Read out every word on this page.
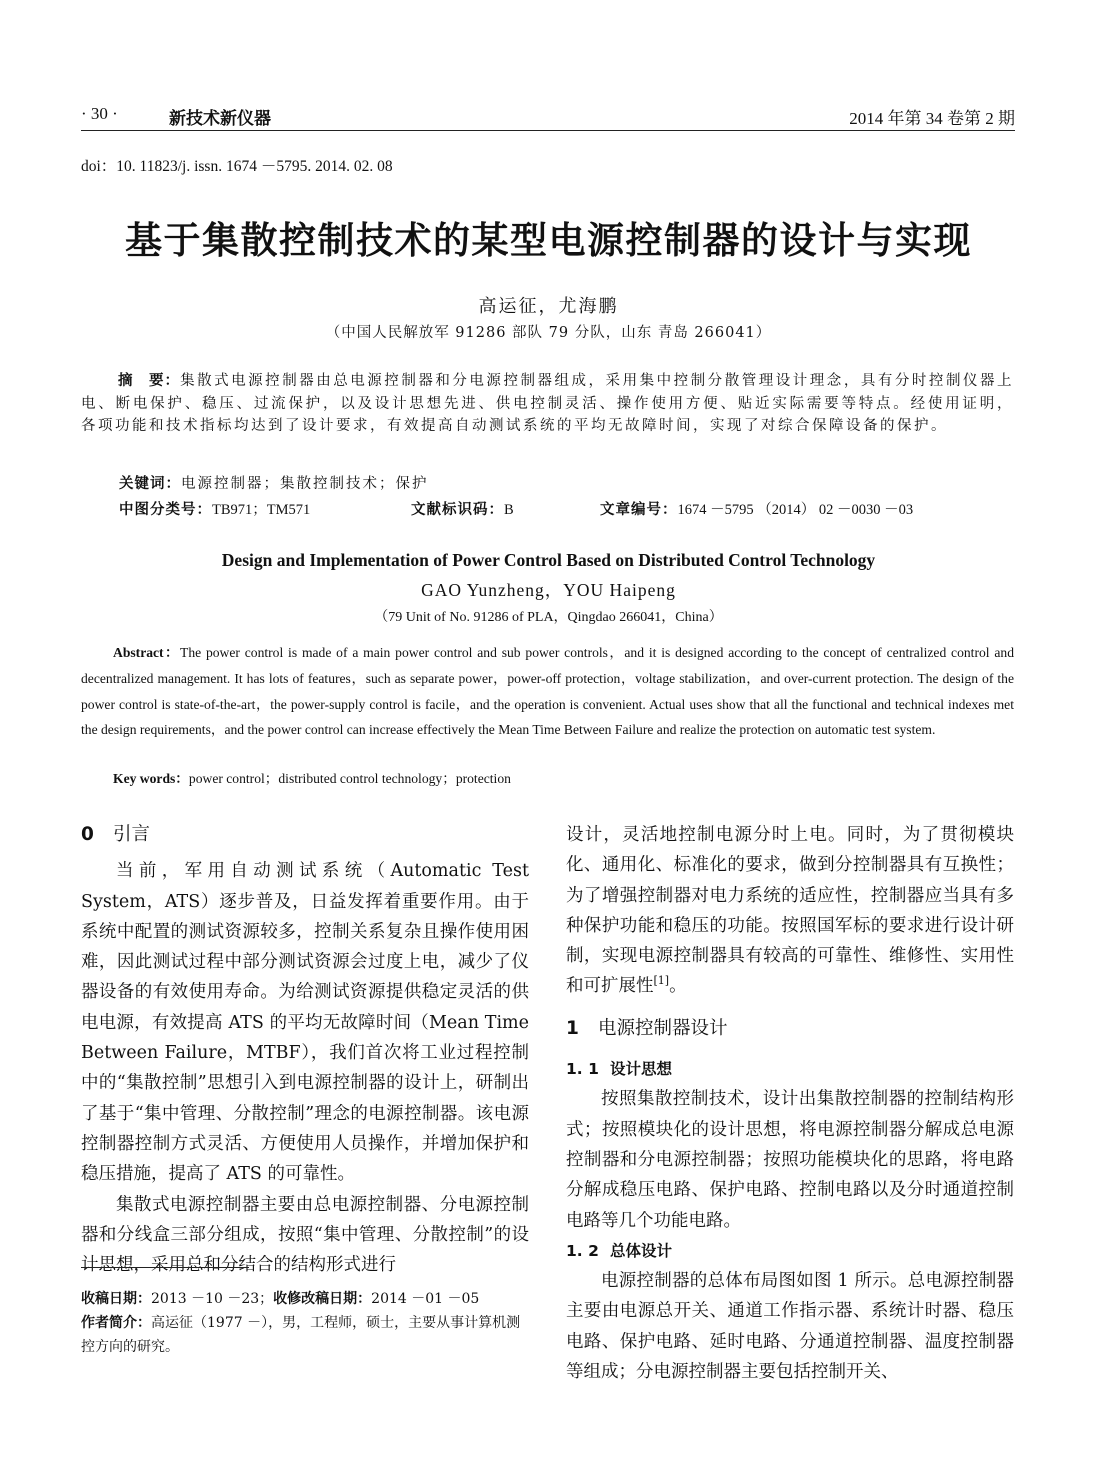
· 30 ·	新技术新仪器	2014 年第 34 卷第 2 期
doi：10. 11823/j. issn. 1674 －5795. 2014. 02. 08
基于集散控制技术的某型电源控制器的设计与实现
高运征，尤海鹏
（中国人民解放军 91286 部队 79 分队，山东 青岛 266041）
摘　要：集散式电源控制器由总电源控制器和分电源控制器组成，采用集中控制分散管理设计理念，具有分时控制仪器上电、断电保护、稳压、过流保护，以及设计思想先进、供电控制灵活、操作使用方便、贴近实际需要等特点。经使用证明，各项功能和技术指标均达到了设计要求，有效提高自动测试系统的平均无故障时间，实现了对综合保障设备的保护。
关键词：电源控制器；集散控制技术；保护
中图分类号：TB971；TM571	文献标识码：B	文章编号：1674 －5795 （2014） 02 －0030 －03
Design and Implementation of Power Control Based on Distributed Control Technology
GAO Yunzheng，YOU Haipeng
（79 Unit of No. 91286 of PLA，Qingdao 266041，China）
Abstract：The power control is made of a main power control and sub power controls，and it is designed according to the concept of centralized control and decentralized management. It has lots of features，such as separate power，power-off protection，voltage stabilization，and over-current protection. The design of the power control is state-of-the-art，the power-supply control is facile，and the operation is convenient. Actual uses show that all the functional and technical indexes met the design requirements，and the power control can increase effectively the Mean Time Between Failure and realize the protection on automatic test system.
Key words：power control；distributed control technology；protection
0 引言

当前，军用自动测试系统（Automatic Test System，ATS）逐步普及，日益发挥着重要作用。由于系统中配置的测试资源较多，控制关系复杂且操作使用困难，因此测试过程中部分测试资源会过度上电，减少了仪器设备的有效使用寿命。为给测试资源提供稳定灵活的供电电源，有效提高 ATS 的平均无故障时间（Mean Time Between Failure，MTBF），我们首次将工业过程控制中的“集散控制”思想引入到电源控制器的设计上，研制出了基于“集中管理、分散控制”理念的电源控制器。该电源控制器控制方式灵活、方便使用人员操作，并增加保护和稳压措施，提高了 ATS 的可靠性。

集散式电源控制器主要由总电源控制器、分电源控制器和分线盒三部分组成，按照“集中管理、分散控制”的设计思想，采用总和分结合的结构形式进行

收稿日期：2013 －10 －23；收修改稿日期：2014 －01 －05

作者简介：高运征（1977 －），男，工程师，硕士，主要从事计算机测控方向的研究。

设计，灵活地控制电源分时上电。同时，为了贯彻模块化、通用化、标准化的要求，做到分控制器具有互换性；为了增强控制器对电力系统的适应性，控制器应当具有多种保护功能和稳压的功能。按照国军标的要求进行设计研制，实现电源控制器具有较高的可靠性、维修性、实用性和可扩展性[1]。

1 电源控制器设计
1. 1 设计思想

按照集散控制技术，设计出集散控制器的控制结构形式；按照模块化的设计思想，将电源控制器分解成总电源控制器和分电源控制器；按照功能模块化的思路，将电路分解成稳压电路、保护电路、控制电路以及分时通道控制电路等几个功能电路。

1. 2 总体设计

电源控制器的总体布局图如图 1 所示。总电源控制器主要由电源总开关、通道工作指示器、系统计时器、稳压电路、保护电路、延时电路、分通道控制器、温度控制器等组成；分电源控制器主要包括控制开关、
